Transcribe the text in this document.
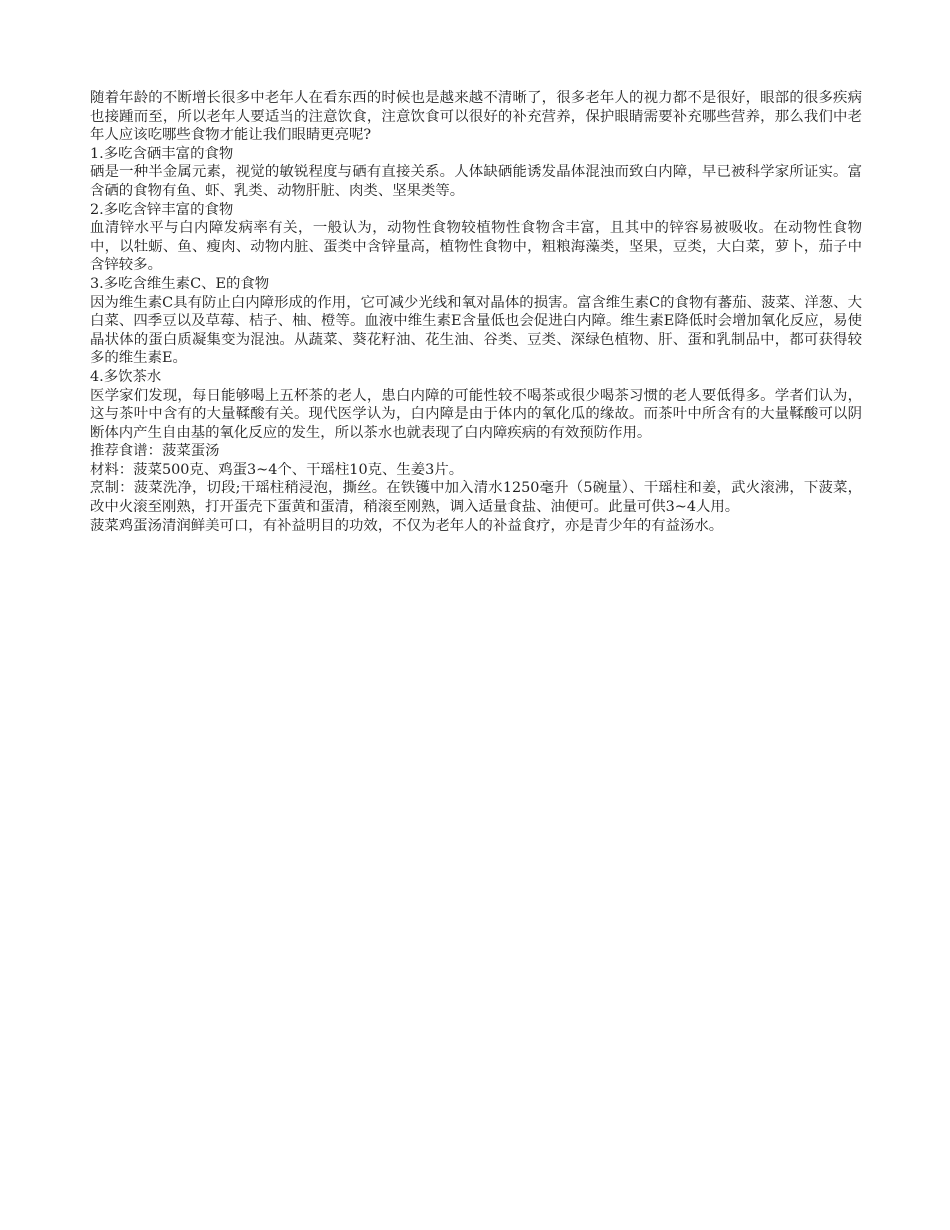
随着年龄的不断增长很多中老年人在看东西的时候也是越来越不清晰了，很多老年人的视力都不是很好，眼部的很多疾病也接踵而至，所以老年人要适当的注意饮食，注意饮食可以很好的补充营养，保护眼睛需要补充哪些营养，那么我们中老年人应该吃哪些食物才能让我们眼睛更亮呢?

1.多吃含硒丰富的食物

硒是一种半金属元素，视觉的敏锐程度与硒有直接关系。人体缺硒能诱发晶体混浊而致白内障，早已被科学家所证实。富含硒的食物有鱼、虾、乳类、动物肝脏、肉类、坚果类等。

2.多吃含锌丰富的食物

血清锌水平与白内障发病率有关，一般认为，动物性食物较植物性食物含丰富，且其中的锌容易被吸收。在动物性食物中，以牡蛎、鱼、瘦肉、动物内脏、蛋类中含锌量高，植物性食物中，粗粮海藻类，坚果，豆类，大白菜，萝卜，茄子中含锌较多。

3.多吃含维生素C、E的食物

因为维生素C具有防止白内障形成的作用，它可减少光线和氧对晶体的损害。富含维生素C的食物有蕃茄、菠菜、洋葱、大白菜、四季豆以及草莓、桔子、柚、橙等。血液中维生素E含量低也会促进白内障。维生素E降低时会增加氧化反应，易使晶状体的蛋白质凝集变为混浊。从蔬菜、葵花籽油、花生油、谷类、豆类、深绿色植物、肝、蛋和乳制品中，都可获得较多的维生素E。

4.多饮茶水

医学家们发现，每日能够喝上五杯茶的老人，患白内障的可能性较不喝茶或很少喝茶习惯的老人要低得多。学者们认为，这与茶叶中含有的大量鞣酸有关。现代医学认为，白内障是由于体内的氧化瓜的缘故。而茶叶中所含有的大量鞣酸可以阴断体内产生自由基的氧化反应的发生，所以茶水也就表现了白内障疾病的有效预防作用。

推荐食谱：菠菜蛋汤

材料：菠菜500克、鸡蛋3~4个、干瑶柱10克、生姜3片。

烹制：菠菜洗净，切段;干瑶柱稍浸泡，撕丝。在铁镬中加入清水1250毫升（5碗量）、干瑶柱和姜，武火滚沸，下菠菜，改中火滚至刚熟，打开蛋壳下蛋黄和蛋清，稍滚至刚熟，调入适量食盐、油便可。此量可供3~4人用。

菠菜鸡蛋汤清润鲜美可口，有补益明目的功效，不仅为老年人的补益食疗，亦是青少年的有益汤水。
